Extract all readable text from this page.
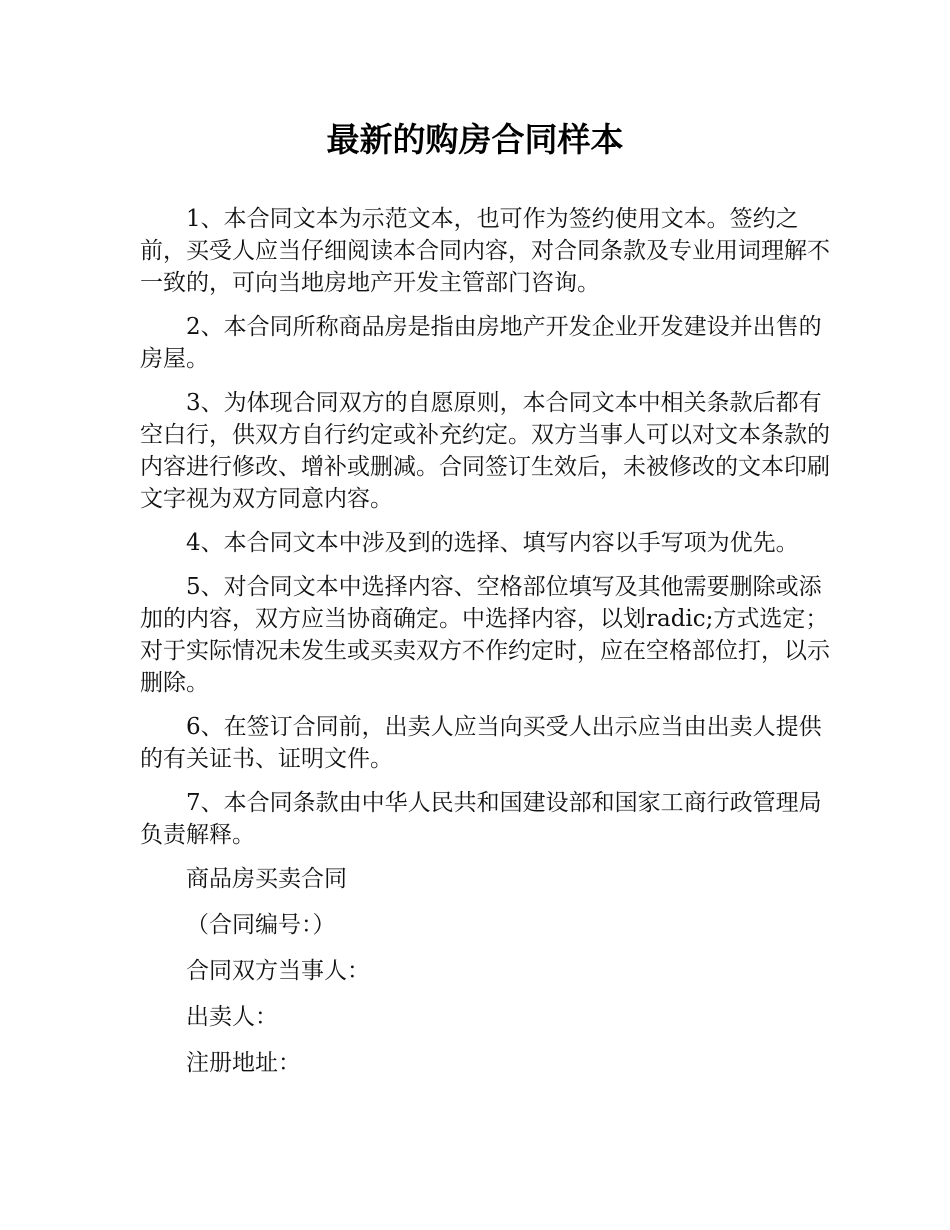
最新的购房合同样本

1、本合同文本为示范文本，也可作为签约使用文本。签约之前，买受人应当仔细阅读本合同内容，对合同条款及专业用词理解不一致的，可向当地房地产开发主管部门咨询。

2、本合同所称商品房是指由房地产开发企业开发建设并出售的房屋。

3、为体现合同双方的自愿原则，本合同文本中相关条款后都有空白行，供双方自行约定或补充约定。双方当事人可以对文本条款的内容进行修改、增补或删减。合同签订生效后，未被修改的文本印刷文字视为双方同意内容。

4、本合同文本中涉及到的选择、填写内容以手写项为优先。

5、对合同文本中选择内容、空格部位填写及其他需要删除或添加的内容，双方应当协商确定。中选择内容，以划radic;方式选定；对于实际情况未发生或买卖双方不作约定时，应在空格部位打，以示删除。

6、在签订合同前，出卖人应当向买受人出示应当由出卖人提供的有关证书、证明文件。

7、本合同条款由中华人民共和国建设部和国家工商行政管理局负责解释。

商品房买卖合同

（合同编号：）

合同双方当事人：

出卖人：

注册地址：
